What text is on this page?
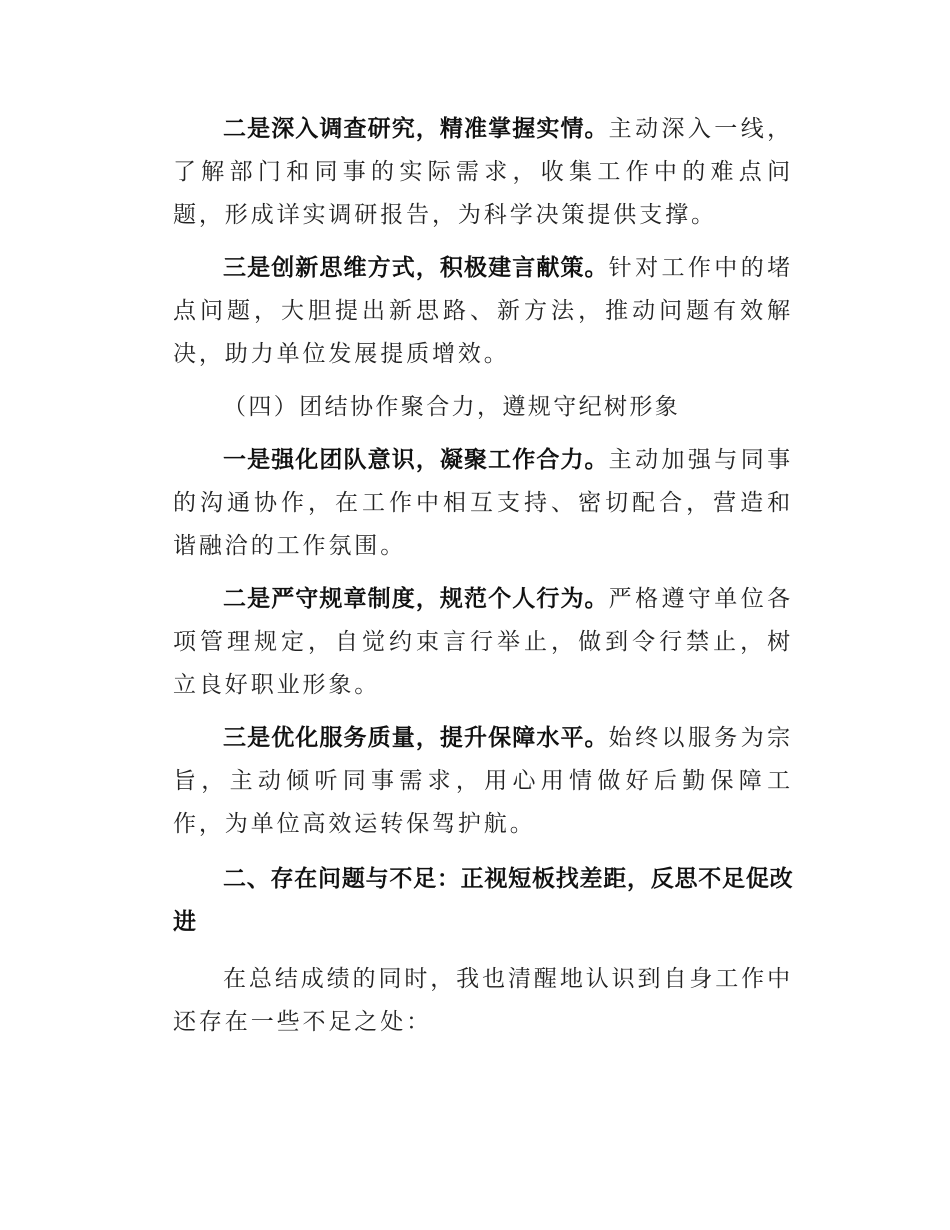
二是深入调查研究，精准掌握实情。主动深入一线，了解部门和同事的实际需求，收集工作中的难点问题，形成详实调研报告，为科学决策提供支撑。

三是创新思维方式，积极建言献策。针对工作中的堵点问题，大胆提出新思路、新方法，推动问题有效解决，助力单位发展提质增效。

（四）团结协作聚合力，遵规守纪树形象

一是强化团队意识，凝聚工作合力。主动加强与同事的沟通协作，在工作中相互支持、密切配合，营造和谐融洽的工作氛围。

二是严守规章制度，规范个人行为。严格遵守单位各项管理规定，自觉约束言行举止，做到令行禁止，树立良好职业形象。

三是优化服务质量，提升保障水平。始终以服务为宗旨，主动倾听同事需求，用心用情做好后勤保障工作，为单位高效运转保驾护航。

二、存在问题与不足：正视短板找差距，反思不足促改进

在总结成绩的同时，我也清醒地认识到自身工作中还存在一些不足之处：
